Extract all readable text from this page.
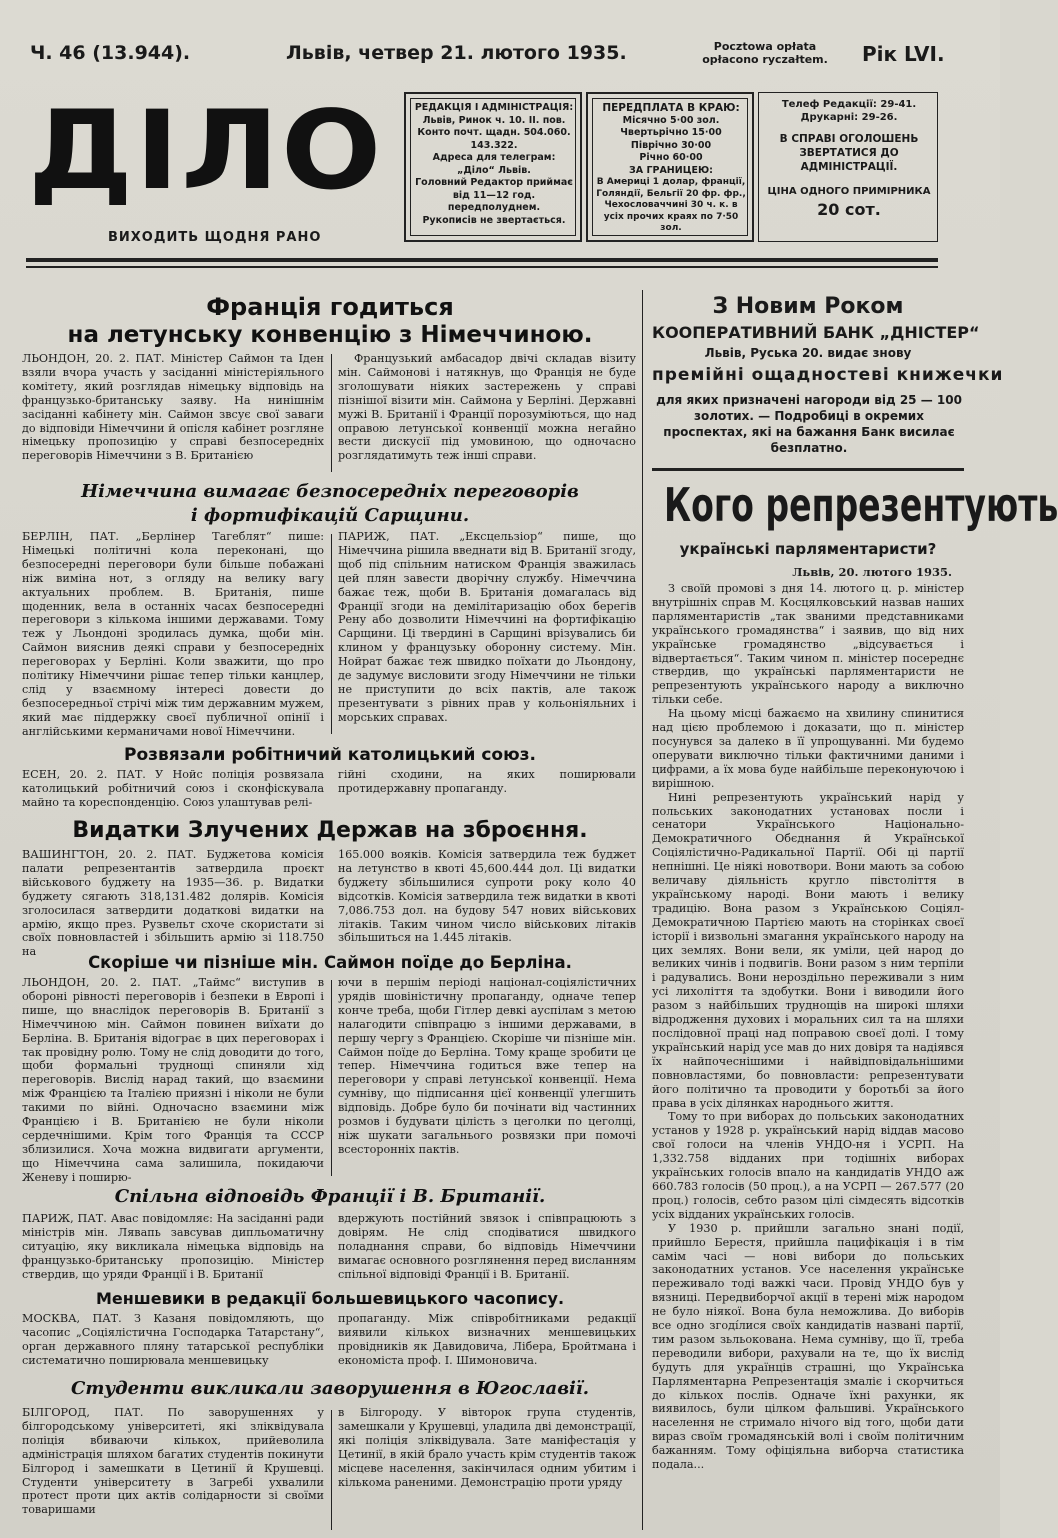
Ч. 46 (13.944).	Львів, четвер 21. лютого 1935.	Pocztowa opłata opłacono ryczałtem.	Рік LVI.
ДІЛО
ВИХОДИТЬ ЩОДНЯ РАНО
РЕДАКЦІЯ І АДМІНІСТРАЦІЯ:
Львів, Ринок ч. 10. II. пов.
Конто почт. щадн. 504.060. 143.322.
Адреса для телеграм: „Діло“ Львів.
Головний Редактор приймає від 11—12 год. передполуднем.
Рукописів не звертається.
ПЕРЕДПЛАТА В КРАЮ:
Місячно 5·00 зол.
Чвертьрічно 15·00
Піврічно 30·00
Річно 60·00
ЗА ГРАНИЦЕЮ:
В Америці 1 долар, франції, Голяндії, Бельгії 20 фр. фр., Чехословаччині 30 ч. к. в усіх прочих краях по 7·50 зол.
Телеф Редакції: 29-41.
Друкарні: 29-26.
В СПРАВІ ОГОЛОШЕНЬ ЗВЕРТАТИСЯ ДО АДМІНІСТРАЦІЇ.
ЦІНА ОДНОГО ПРИМІРНИКА
20 сот.
Франція годиться
на летунську конвенцію з Німеччиною.

ЛЬОНДОН, 20. 2. ПАТ. Міністер Саймон та Іден взяли вчора участь у засіданні міністеріяльного комітету, який розглядав німецьку відповідь на французько-британську заяву. На нинішнім засіданні кабінету мін. Саймон звсує свої заваги до відповіди Німеччини й опісля кабінет розгляне німецьку пропозицію у справі безпосередніх переговорів Німеччини з В. Британією

Французький амбасадор двічі складав візиту мін. Саймонові і натякнув, що Франція не буде зголошувати ніяких застережень у справі пізнішої візити мін. Саймона у Берліні. Державні мужі В. Британії і Франції порозуміються, що над оправою летунської конвенції можна негайно вести дискусії під умовиною, що одночасно розглядатимуть теж інші справи.

Німеччина вимагає безпосередніх переговорів
і фортифікацій Сарщини.

БЕРЛІН, ПАТ. „Берлінер Тагеблят“ пише: Німецькі політичні кола переконані, що безпосередні переговори були більше побажані ніж виміна нот, з огляду на велику вагу актуальних проблем. В. Британія, пише щоденник, вела в останніх часах безпосередні переговори з кількома іншими державами. Тому теж у Льондоні зродилась думка, щоби мін. Саймон вияснив деякі справи у безпосередніх переговорах у Берліні. Коли зважити, що про політику Німеччини рішає тепер тільки канцлер, слід у взаємному інтересі довести до безпосередньої стрічі між тим державним мужем, який має піддержку своєї публичної опінії і англійськими керманичами нової Німеччини.

ПАРИЖ, ПАТ. „Ексцельзіор“ пише, що Німеччина рішила введнати від В. Британії згоду, щоб під спільним натиском Франція зважилась цей плян завести дворічну службу. Німеччина бажає теж, щоби В. Британія домагалась від Франції згоди на демілітаризацію обох берегів Рену або дозволити Німеччині на фортифікацію Сарщини. Ці твердині в Сарщині врізувались би клином у французьку оборонну систему. Мін. Нойрат бажає теж швидко поїхати до Льондону, де задумує висловити згоду Німеччини не тільки не приступити до всіх пактів, але також презентувати з рівних прав у кольоніяльних і морських справах.

Розвязали робітничий католицький союз.

ЕСЕН, 20. 2. ПАТ. У Нойс поліція розвязала католицький робітничий союз і сконфіскувала майно та кореспонденцію. Союз улаштував релі-

гійні сходини, на яких поширювали протидержавну пропаганду.

Видатки Злучених Держав на зброєння.

ВАШИНГТОН, 20. 2. ПАТ. Буджетова комісія палати репрезентантів затвердила проєкт військового буджету на 1935—36. р. Видатки буджету сягають 318,131.482 долярів. Комісія зголосилася затвердити додаткові видатки на армію, якщо през. Рузвельт схоче скористати зі своїх повновластей і збільшить армію зі 118.750 на

165.000 вояків. Комісія затвердила теж буджет на летунство в квоті 45,600.444 дол. Ці видатки буджету збільшилися супроти року коло 40 відсотків. Комісія затвердила теж видатки в квоті 7,086.753 дол. на будову 547 нових військових літаків. Таким чином число військових літаків збільшиться на 1.445 літаків.

Скоріше чи пізніше мін. Саймон поїде до Берліна.

ЛЬОНДОН, 20. 2. ПАТ. „Таймс“ виступив в обороні рівності переговорів і безпеки в Европі і пише, що внаслідок переговорів В. Британії з Німеччиною мін. Саймон повинен виїхати до Берліна. В. Британія відограє в цих переговорах і так провідну ролю. Тому не слід доводити до того, щоби формальні труднощі спиняли хід переговорів. Вислід нарад такий, що взаємини між Францією та Італією приязні і ніколи не були такими по війні. Одночасно взаємини між Францією і В. Британією не були ніколи сердечнішими. Крім того Франція та СССР зблизилися. Хоча можна видвигати аргументи, що Німеччина сама залишила, покидаючи Женеву і поширю-

ючи в першім періоді націонал-соціялістичних урядів шовіністичну пропаганду, одначе тепер конче треба, щоби Гітлер девкі ауспілам з метою налагодити співпрацю з іншими державами, в першу чергу з Францією. Скоріше чи пізніше мін. Саймон поїде до Берліна. Тому краще зробити це тепер. Німеччина годиться вже тепер на переговори у справі летунської конвенції. Нема сумніву, що підписання цієї конвенції улегшить відповідь. Добре було би почінати від частинних розмов і будувати цілість з цеголки по цеголці, ніж шукати загальнього розвязки при помочі всесторонніх пактів.

Спільна відповідь Франції і В. Британії.

ПАРИЖ, ПАТ. Авас повідомляє: На засіданні ради міністрів мін. Лявапь завсував дипльоматичну ситуацію, яку викликала німецька відповідь на французько-британську пропозицію. Міністер ствердив, що уряди Франції і В. Британії

вдержують постійний звязок і співпрацюють з довірям. Не слід сподіватися швидкого поладнання справи, бо відповідь Німеччини вимагає основного розглянення перед висланням спільної відповіді Франції і В. Британії.

Меншевики в редакції большевицького часопису.

МОСКВА, ПАТ. З Казаня повідомляють, що часопис „Соціялістична Господарка Татарстану“, орган державного пляну татарської республіки систематично поширювала меншевицьку

пропаганду. Між співробітниками редакції виявили кількох визначних меншевицьких провідників як Давидовича, Лібера, Бройтмана і економіста проф. І. Шимоновича.

Студенти викликали заворушення в Югославії.

БІЛГОРОД, ПАТ. По заворушеннях у білгородському університеті, які зліквідувала поліція вбиваючи кількох, прийеволила адміністрація шляхом багатих студентів покинути Білгород і замешкати в Цетинії й Крушевці. Студенти університету в Загребі ухвалили протест проти цих актів солідарности зі своїми товаришами

в Білгороду. У вівторок група студентів, замешкали у Крушевці, уладила дві демонстрації, які поліція зліквідувала. Зате маніфестація у Цетинії, в якій брало участь крім студентів також місцеве населення, закінчилася одним убитим і кількома раненими. Демонстрацію проти уряду

З Новим Роком
КООПЕРАТИВНИЙ БАНК „ДНІСТЕР“
Львів, Руська 20. видає знову
премійні ощадностеві книжечки
для яких призначені нагороди від 25 — 100 золотих. — Подробиці в окремих проспектах, які на бажання Банк висилає безплатно.
Кого репрезентують
українські парляментаристи?
Львів, 20. лютого 1935.

З своїй промові з дня 14. лютого ц. р. міністер внутрішніх справ М. Косцялковський назвав наших парляментаристів „так званими представниками українського громадянства“ і заявив, що від них українське громадянство „відсувається і відвертається“. Таким чином п. міністер посереднє ствердив, що українські парляментаристи не репрезентують українського народу а виключно тільки себе.

На цьому місці бажаємо на хвилину спинитися над цією проблемою і доказати, що п. міністер посунувся за далеко в її упрощуванні. Ми будемо оперувати виключно тільки фактичними даними і цифрами, а їх мова буде найбільше переконуючою і вирішною.

Нині репрезентують український нарід у польських законодатних установах посли і сенатори Українського Національно-Демократичного Обєднання й Української Соціялістично-Радикальної Партії. Обі ці партії непнішні. Це ніякі новотвори. Вони мають за собою величаву діяльність кругло півстоліття в українському народі. Вони мають і велику традицію. Вона разом з Українською Соціял-Демократичною Партією мають на сторінках своєї історії і визвольні змагання українського народу на цих землях. Вони вели, як уміли, цей народ до великих чинів і подвигів. Вони разом з ним терпіли і радувались. Вони нероздільно переживали з ним усі лихоліття та здобутки. Вони і виводили його разом з найбільших труднощів на широкі шляхи відродження духових і моральних сил та на шляхи послідовної праці над поправою своєї долі. І тому український нарід усе мав до них довіря та надіявся їх найпочеснішими і найвідповідальнішими повновластями, бо повновласти: репрезентувати його політично та проводити у боротьбі за його права в усіх ділянках народнього життя.

Тому то при виборах до польських законодатних установ у 1928 р. український нарід віддав масово свої голоси на членів УНДО-ня і УСРП. На 1,332.758 відданих при тодішніх виборах українських голосів впало на кандидатів УНДО аж 660.783 голосів (50 проц.), а на УСРП — 267.577 (20 проц.) голосів, себто разом цілі сімдесять відсотків усіх відданих українських голосів.

У 1930 р. прийшли загально знані події, прийшло Берестя, прийшла пацифікація і в тім самім часі — нові вибори до польських законодатних установ. Усе населення українське переживало тоді важкі часи. Провід УНДО був у вязниці. Передвиборчої акції в терені між народом не було ніякої. Вона була неможлива. До виборів все одно згоді́лися своїх кандидатів названі партії, тим разом зьльокована. Нема сумніву, що її, треба переводили вибори, рахували на те, що їх вислід будуть для українців страшні, що Українська Парляментарна Репрезентація змаліє і скорчиться до кількох послів. Одначе їхні рахунки, як виявилось, були цілком фальшиві. Українського населення не стримало нічого від того, щоби дати вираз своїм громадянській волі і своїм політичним бажанням. Тому офіціяльна виборча статистика подала...
